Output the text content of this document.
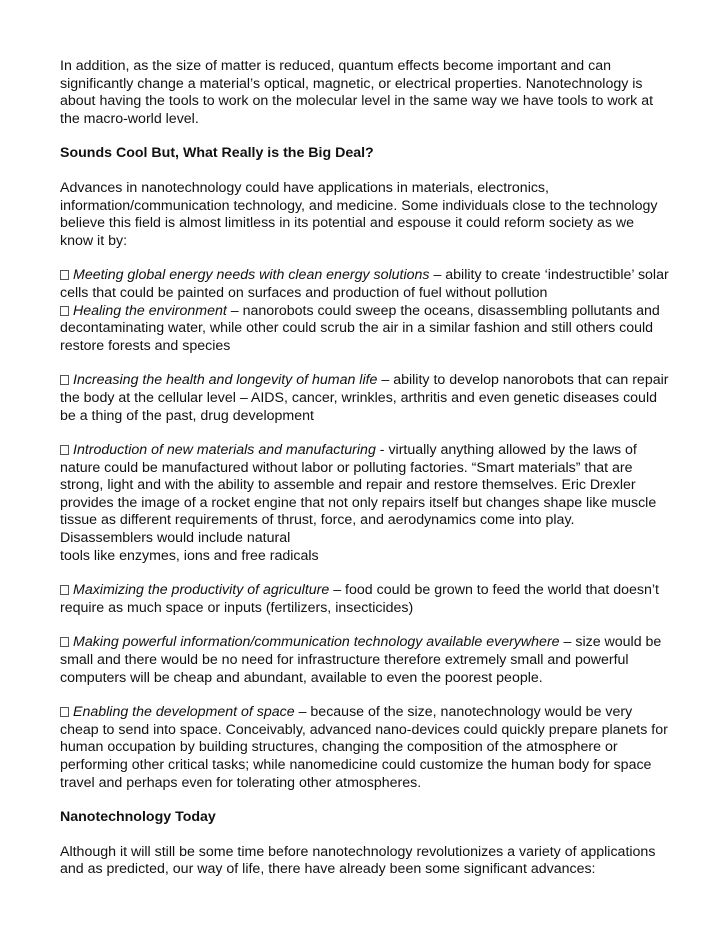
In addition, as the size of matter is reduced, quantum effects become important and can significantly change a material’s optical, magnetic, or electrical properties. Nanotechnology is about having the tools to work on the molecular level in the same way we have tools to work at the macro-world level.

Sounds Cool But, What Really is the Big Deal?

Advances in nanotechnology could have applications in materials, electronics, information/communication technology, and medicine. Some individuals close to the technology believe this field is almost limitless in its potential and espouse it could reform society as we know it by:

Meeting global energy needs with clean energy solutions – ability to create ‘indestructible’ solar cells that could be painted on surfaces and production of fuel without pollution

Healing the environment – nanorobots could sweep the oceans, disassembling pollutants and decontaminating water, while other could scrub the air in a similar fashion and still others could restore forests and species

Increasing the health and longevity of human life – ability to develop nanorobots that can repair the body at the cellular level – AIDS, cancer, wrinkles, arthritis and even genetic diseases could be a thing of the past, drug development

Introduction of new materials and manufacturing - virtually anything allowed by the laws of nature could be manufactured without labor or polluting factories. “Smart materials” that are strong, light and with the ability to assemble and repair and restore themselves. Eric Drexler provides the image of a rocket engine that not only repairs itself but changes shape like muscle tissue as different requirements of thrust, force, and aerodynamics come into play.
Disassemblers would include natural
tools like enzymes, ions and free radicals

Maximizing the productivity of agriculture – food could be grown to feed the world that doesn’t require as much space or inputs (fertilizers, insecticides)

Making powerful information/communication technology available everywhere – size would be small and there would be no need for infrastructure therefore extremely small and powerful computers will be cheap and abundant, available to even the poorest people.

Enabling the development of space – because of the size, nanotechnology would be very cheap to send into space. Conceivably, advanced nano-devices could quickly prepare planets for human occupation by building structures, changing the composition of the atmosphere or performing other critical tasks; while nanomedicine could customize the human body for space travel and perhaps even for tolerating other atmospheres.

Nanotechnology Today

Although it will still be some time before nanotechnology revolutionizes a variety of applications and as predicted, our way of life, there have already been some significant advances:
